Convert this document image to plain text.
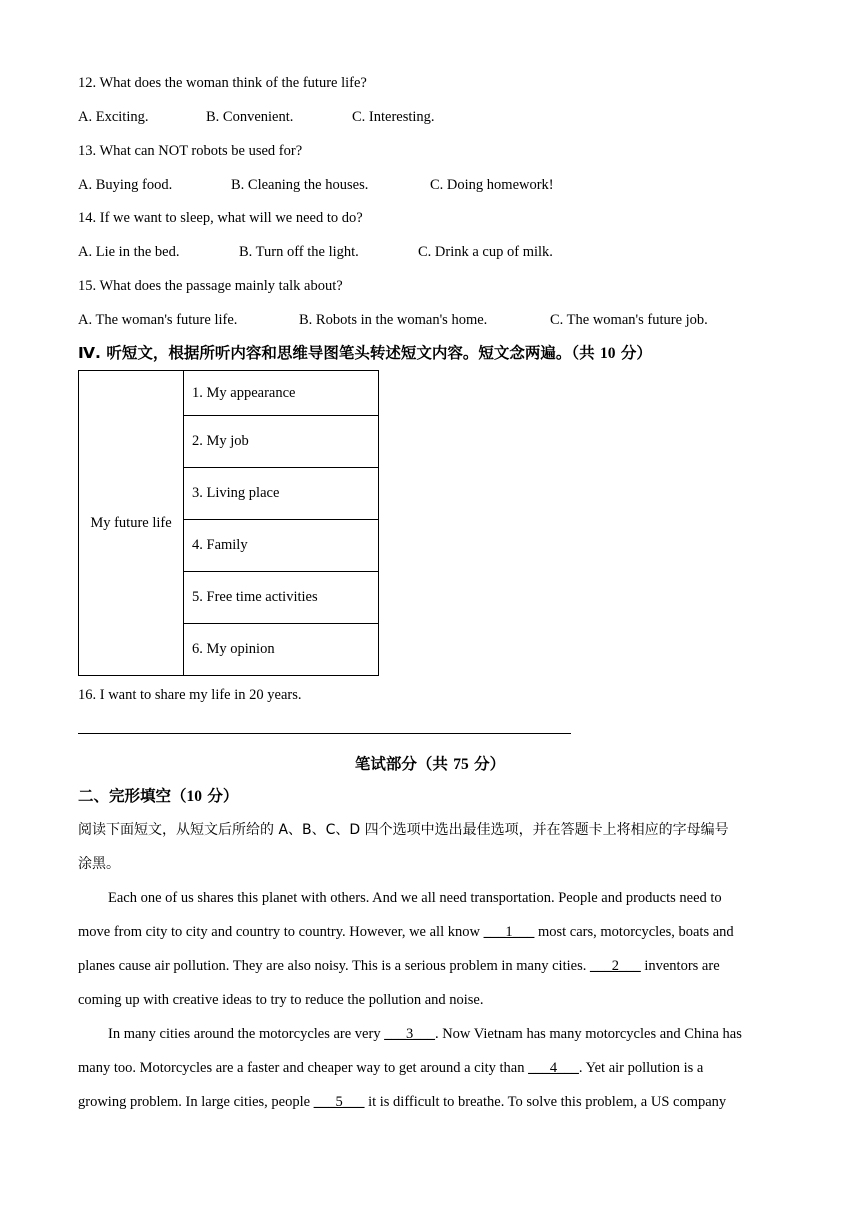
12. What does the woman think of the future life?
A. Exciting.	B. Convenient.	C. Interesting.
13. What can NOT robots be used for?
A. Buying food.	B. Cleaning the houses.	C. Doing homework!
14. If we want to sleep, what will we need to do?
A. Lie in the bed.	B. Turn off the light.	C. Drink a cup of milk.
15. What does the passage mainly talk about?
A. The woman's future life.	B. Robots in the woman's home.	C. The woman's future job.
Ⅳ. 听短文，根据所听内容和思维导图笔头转述短文内容。短文念两遍。（共 10 分）
My future life	1. My appearance
2. My job
3. Living place
4. Family
5. Free time activities
6. My opinion
16. I want to share my life in 20 years.
笔试部分（共 75 分）
二、完形填空（10 分）
阅读下面短文，从短文后所给的 A、B、C、D 四个选项中选出最佳选项，并在答题卡上将相应的字母编号
涂黑。
Each one of us shares this planet with others. And we all need transportation. People and products need to
move from city to city and country to country. However, we all know ___1___ most cars, motorcycles, boats and
planes cause air pollution. They are also noisy. This is a serious problem in many cities. ___2___ inventors are
coming up with creative ideas to try to reduce the pollution and noise.
In many cities around the motorcycles are very ___3___. Now Vietnam has many motorcycles and China has
many too. Motorcycles are a faster and cheaper way to get around a city than ___4___. Yet air pollution is a
growing problem. In large cities, people ___5___ it is difficult to breathe. To solve this problem, a US company
